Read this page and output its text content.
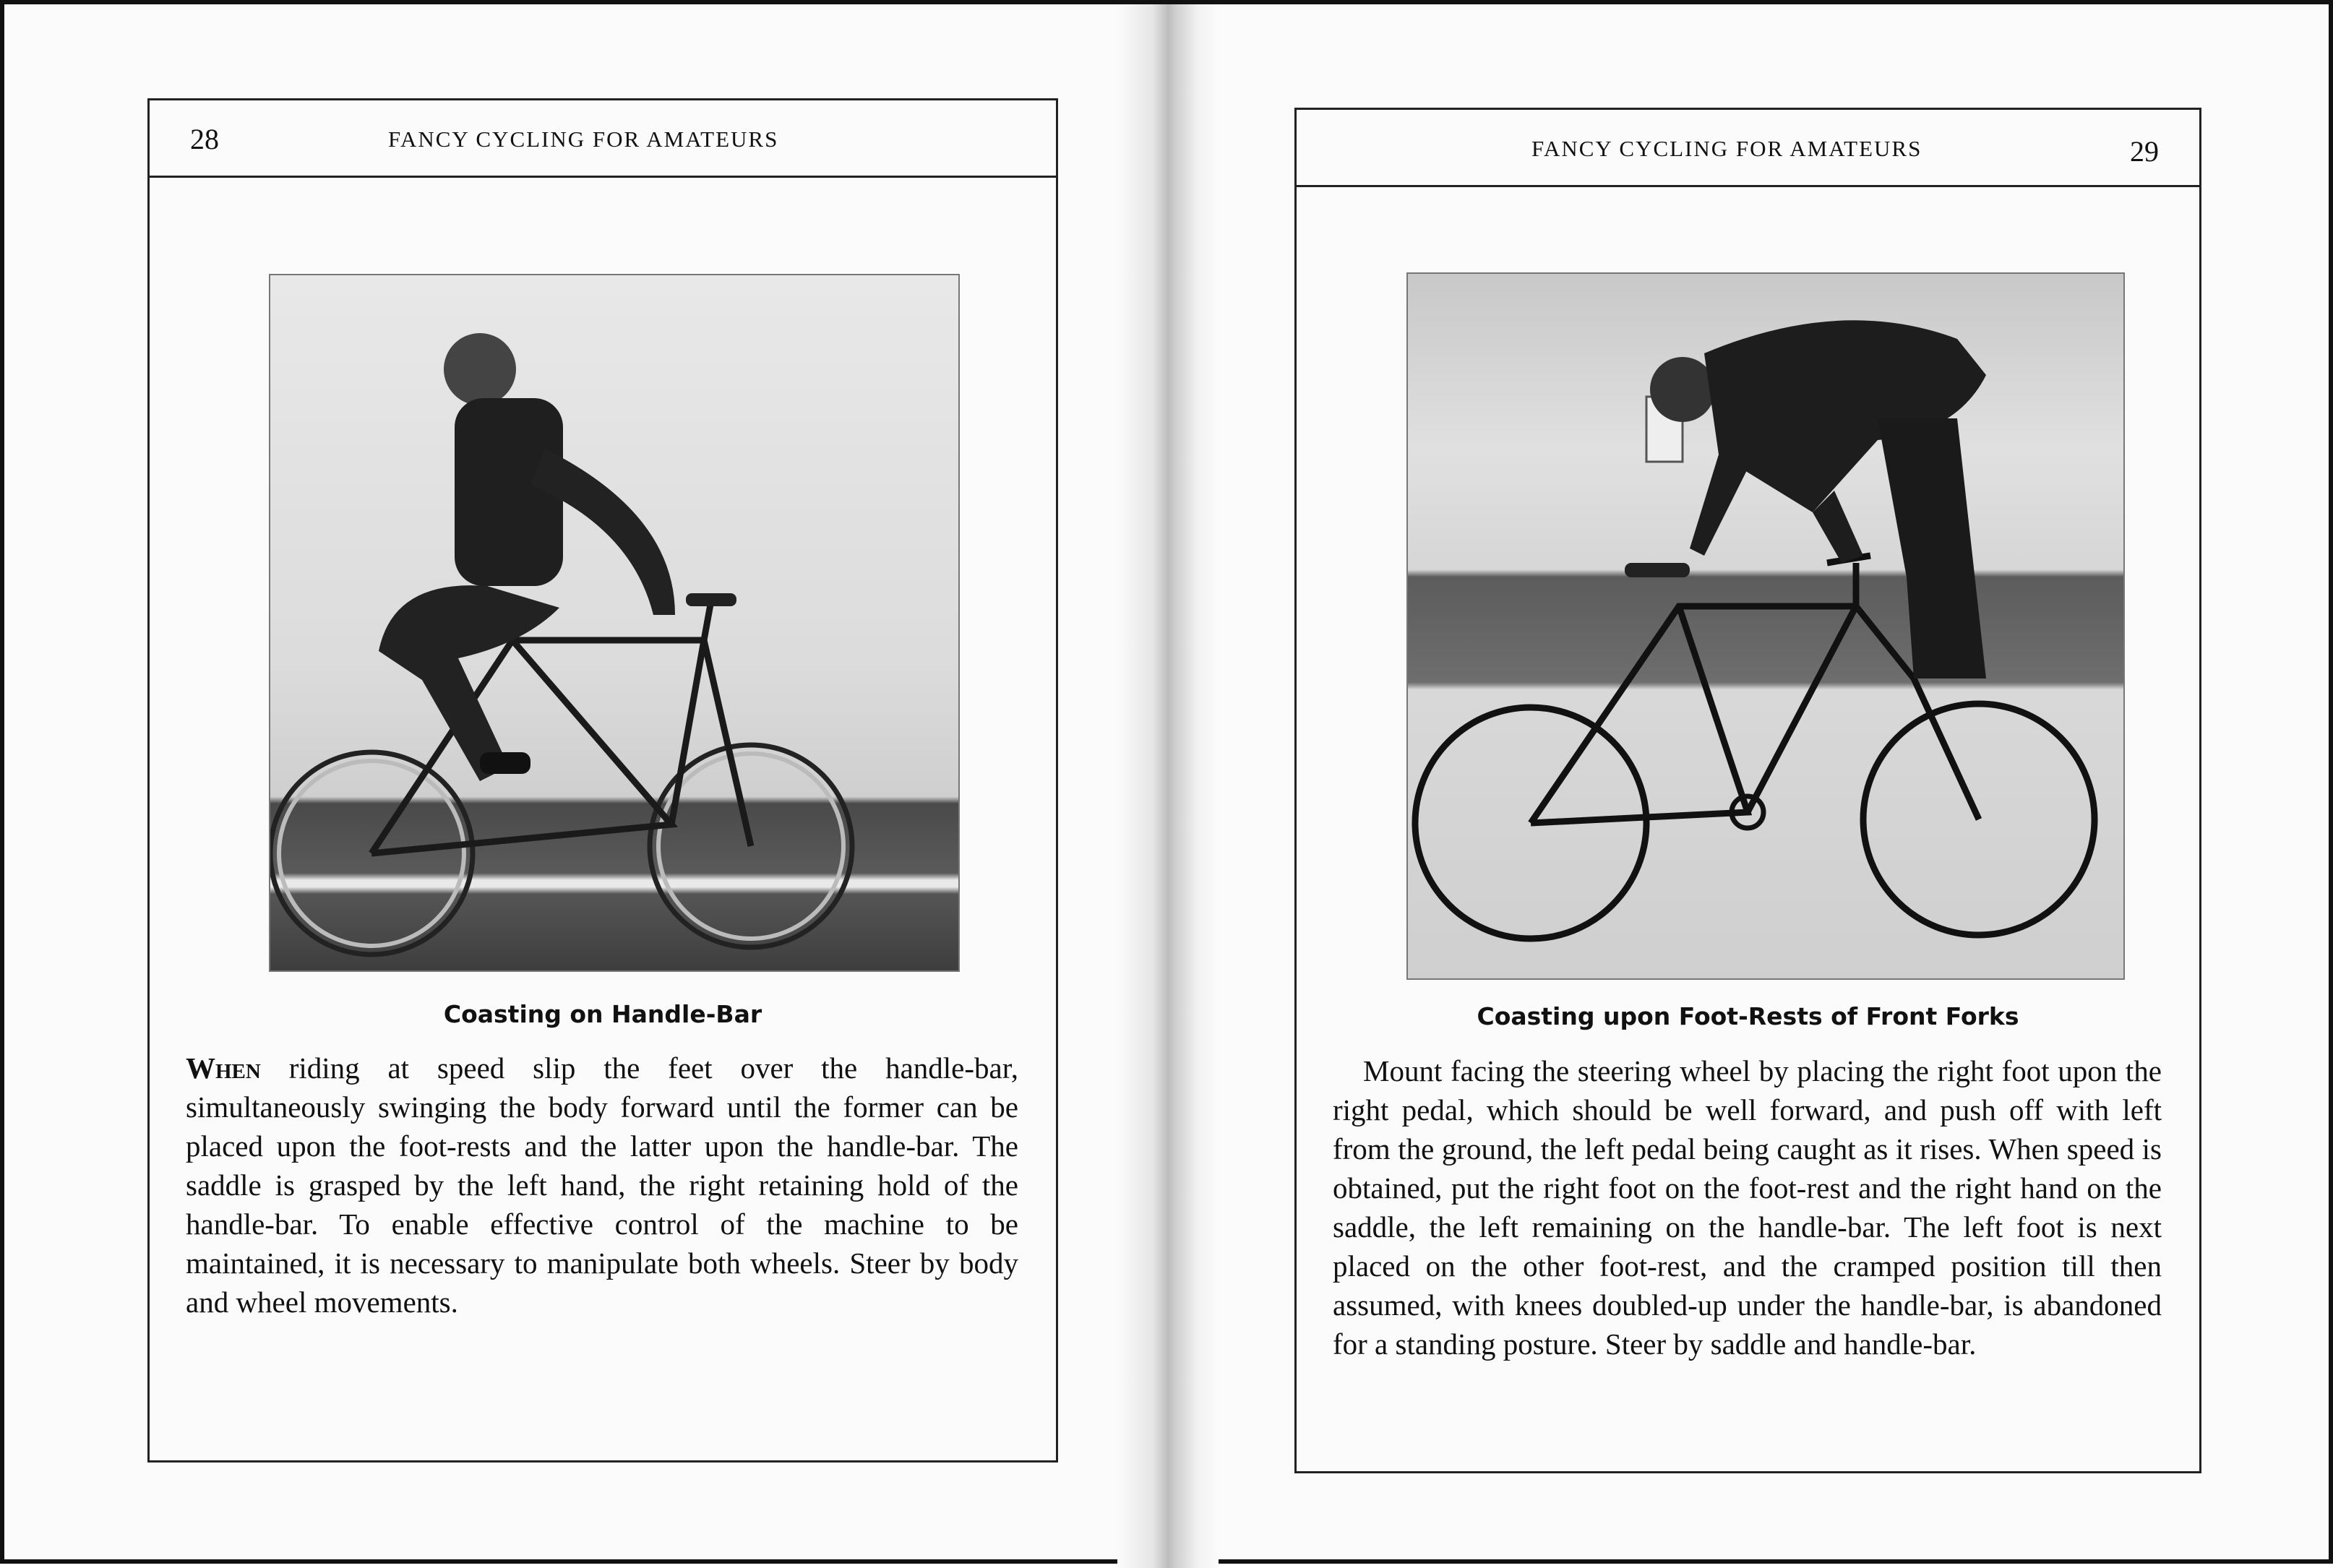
28	FANCY CYCLING FOR AMATEURS
Coasting on Handle-Bar
When riding at speed slip the feet over the handle-bar, simultaneously swinging the body forward until the former can be placed upon the foot-rests and the latter upon the handle-bar. The saddle is grasped by the left hand, the right retaining hold of the handle-bar. To enable effective control of the machine to be maintained, it is necessary to manipulate both wheels. Steer by body and wheel movements.
FANCY CYCLING FOR AMATEURS	29
Coasting upon Foot-Rests of Front Forks
Mount facing the steering wheel by placing the right foot upon the right pedal, which should be well forward, and push off with left from the ground, the left pedal being caught as it rises. When speed is obtained, put the right foot on the foot-rest and the right hand on the saddle, the left remaining on the handle-bar. The left foot is next placed on the other foot-rest, and the cramped position till then assumed, with knees doubled-up under the handle-bar, is abandoned for a standing posture. Steer by saddle and handle-bar.
